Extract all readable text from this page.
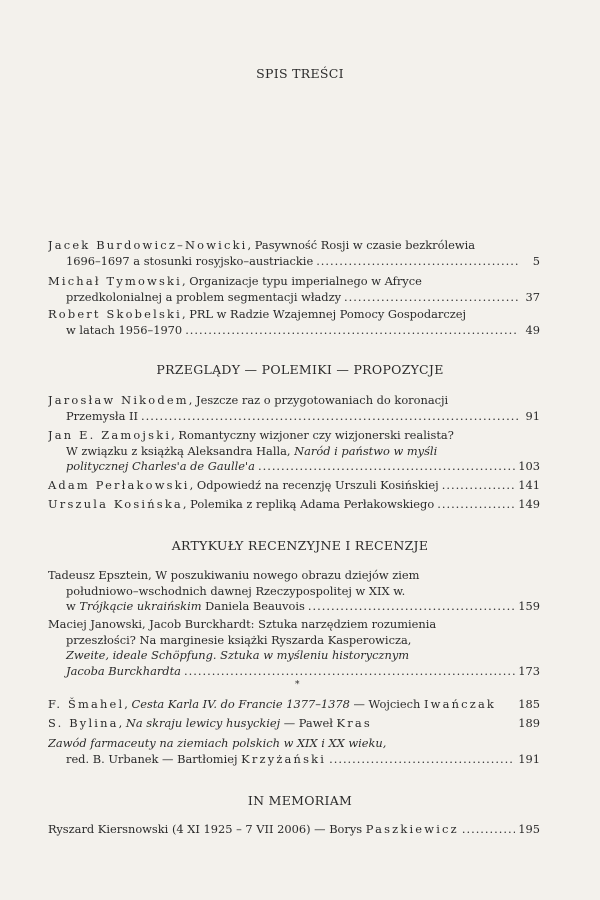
SPIS TREŚCI
Jacek Burdowicz–Nowicki, Pasywność Rosji w czasie bezkrólewia
1696–1697 a stosunki rosyjsko–austriackie .....	5
Michał Tymowski, Organizacje typu imperialnego w Afryce
przedkolonialnej a problem segmentacji władzy .....	37
Robert Skobelski, PRL w Radzie Wzajemnej Pomocy Gospodarczej
w latach 1956–1970 .....	49
PRZEGLĄDY — POLEMIKI — PROPOZYCJE
Jarosław Nikodem, Jeszcze raz o przygotowaniach do koronacji
Przemysła II .....	91
Jan E. Zamojski, Romantyczny wizjoner czy wizjonerski realista?
W związku z książką Aleksandra Halla, Naród i państwo w myśli
politycznej Charles'a de Gaulle'a .....	103
Adam Perłakowski, Odpowiedź na recenzję Urszuli Kosińskiej .....	141
Urszula Kosińska, Polemika z repliką Adama Perłakowskiego .....	149
ARTYKUŁY RECENZYJNE I RECENZJE
Tadeusz Epsztein, W poszukiwaniu nowego obrazu dziejów ziem
południowo–wschodnich dawnej Rzeczypospolitej w XIX w.
w Trójkącie ukraińskim Daniela Beauvois .....	159
Maciej Janowski, Jacob Burckhardt: Sztuka narzędziem rozumienia
przeszłości? Na marginesie książki Ryszarda Kasperowicza,
Zweite, ideale Schöpfung. Sztuka w myśleniu historycznym
Jacoba Burckhardta .....	173
*
F. Šmahel, Cesta Karla IV. do Francie 1377–1378 — Wojciech Iwańczak 185
S. Bylina, Na skraju lewicy husyckiej — Paweł Kras	189
Zawód farmaceuty na ziemiach polskich w XIX i XX wieku,
red. B. Urbanek — Bartłomiej Krzyżański .....	191
IN MEMORIAM
Ryszard Kiersnowski (4 XI 1925 – 7 VII 2006) — Borys Paszkiewicz .....	195
